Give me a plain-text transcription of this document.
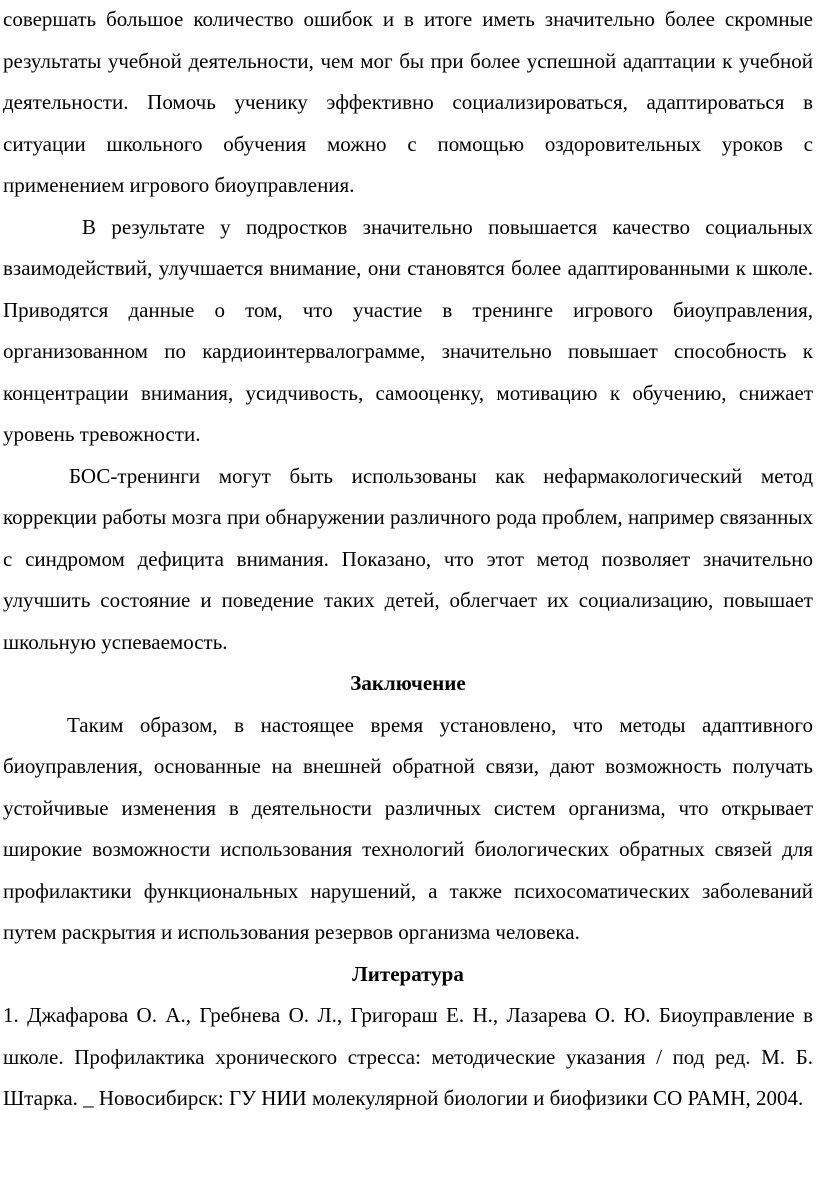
совершать большое количество ошибок и в итоге иметь значительно более скромные результаты учебной деятельности, чем мог бы при более успешной адаптации к учебной деятельности. Помочь ученику эффективно социализироваться, адаптироваться в ситуации школьного обучения можно с помощью оздоровительных уроков с применением игрового биоуправления.

В результате у подростков значительно повышается качество социальных взаимодействий, улучшается внимание, они становятся более адаптированными к школе. Приводятся данные о том, что участие в тренинге игрового биоуправления, организованном по кардиоинтервалограмме, значительно повышает способность к концентрации внимания, усидчивость, самооценку, мотивацию к обучению, снижает уровень тревожности.

БОС-тренинги могут быть использованы как нефармакологический метод коррекции работы мозга при обнаружении различного рода проблем, например связанных с синдромом дефицита внимания. Показано, что этот метод позволяет значительно улучшить состояние и поведение таких детей, облегчает их социализацию, повышает школьную успеваемость.

Заключение

Таким образом, в настоящее время установлено, что методы адаптивного биоуправления, основанные на внешней обратной связи, дают возможность получать устойчивые изменения в деятельности различных систем организма, что открывает широкие возможности использования технологий биологических обратных связей для профилактики функциональных нарушений, а также психосоматических заболеваний путем раскрытия и использования резервов организма человека.

Литература

1. Джафарова О. А., Гребнева О. Л., Григораш Е. Н., Лазарева О. Ю. Биоуправление в школе. Профилактика хронического стресса: методические указания / под ред. М. Б. Штарка. _ Новосибирск: ГУ НИИ молекулярной биологии и биофизики СО РАМН, 2004.
